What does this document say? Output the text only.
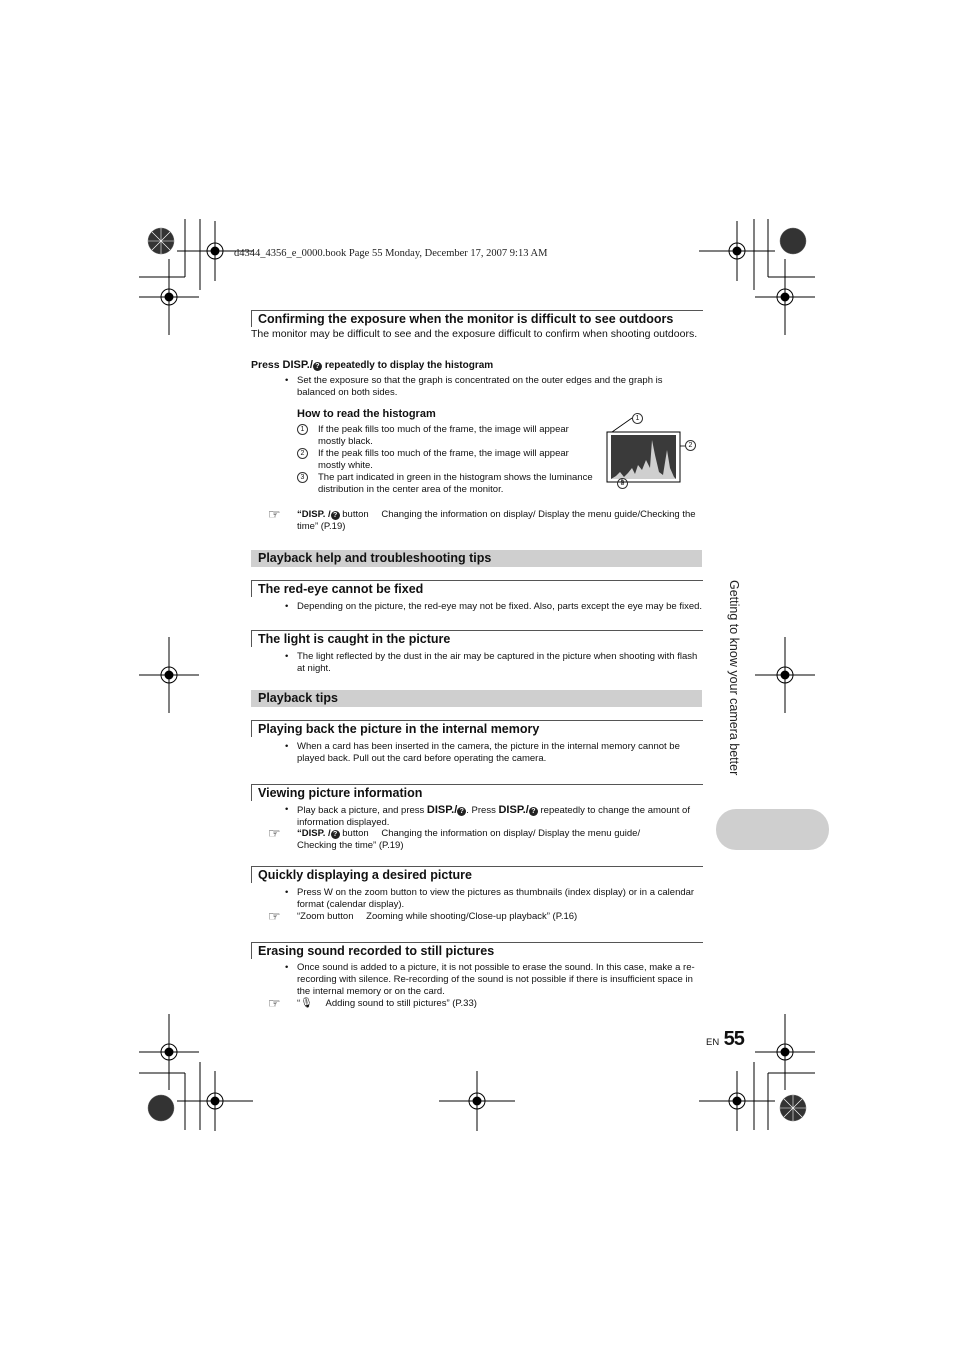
d4344_4356_e_0000.book Page 55 Monday, December 17, 2007 9:13 AM
Confirming the exposure when the monitor is difficult to see outdoors
The monitor may be difficult to see and the exposure difficult to confirm when shooting outdoors.
Press DISP./ ? repeatedly to display the histogram
• Set the exposure so that the graph is concentrated on the outer edges and the graph is balanced on both sides.
How to read the histogram
1	If the peak fills too much of the frame, the image will appear mostly black.
2	If the peak fills too much of the frame, the image will appear mostly white.
3	The part indicated in green in the histogram shows the luminance distribution in the center area of the monitor.
1
2
3
☞ “DISP. / ? button Changing the information on display/ Display the menu guide/Checking the time” (P.19)
Playback help and troubleshooting tips
The red-eye cannot be fixed
• Depending on the picture, the red-eye may not be fixed. Also, parts except the eye may be fixed.
The light is caught in the picture
• The light reflected by the dust in the air may be captured in the picture when shooting with flash at night.
Playback tips
Playing back the picture in the internal memory
• When a card has been inserted in the camera, the picture in the internal memory cannot be played back. Pull out the card before operating the camera.
Viewing picture information
• Play back a picture, and press DISP./ ? . Press DISP./ ? repeatedly to change the amount of information displayed.
☞ “DISP. / ? button Changing the information on display/ Display the menu guide/
Checking the time” (P.19)
Quickly displaying a desired picture
• Press W on the zoom button to view the pictures as thumbnails (index display) or in a calendar format (calendar display).
☞ “Zoom button Zooming while shooting/Close-up playback” (P.16)
Erasing sound recorded to still pictures
• Once sound is added to a picture, it is not possible to erase the sound. In this case, make a re-recording with silence. Re-recording of the sound is not possible if there is insufficient space in the internal memory or on the card.
☞ “🎙 Adding sound to still pictures” (P.33)
Getting to know your camera better
EN 55
